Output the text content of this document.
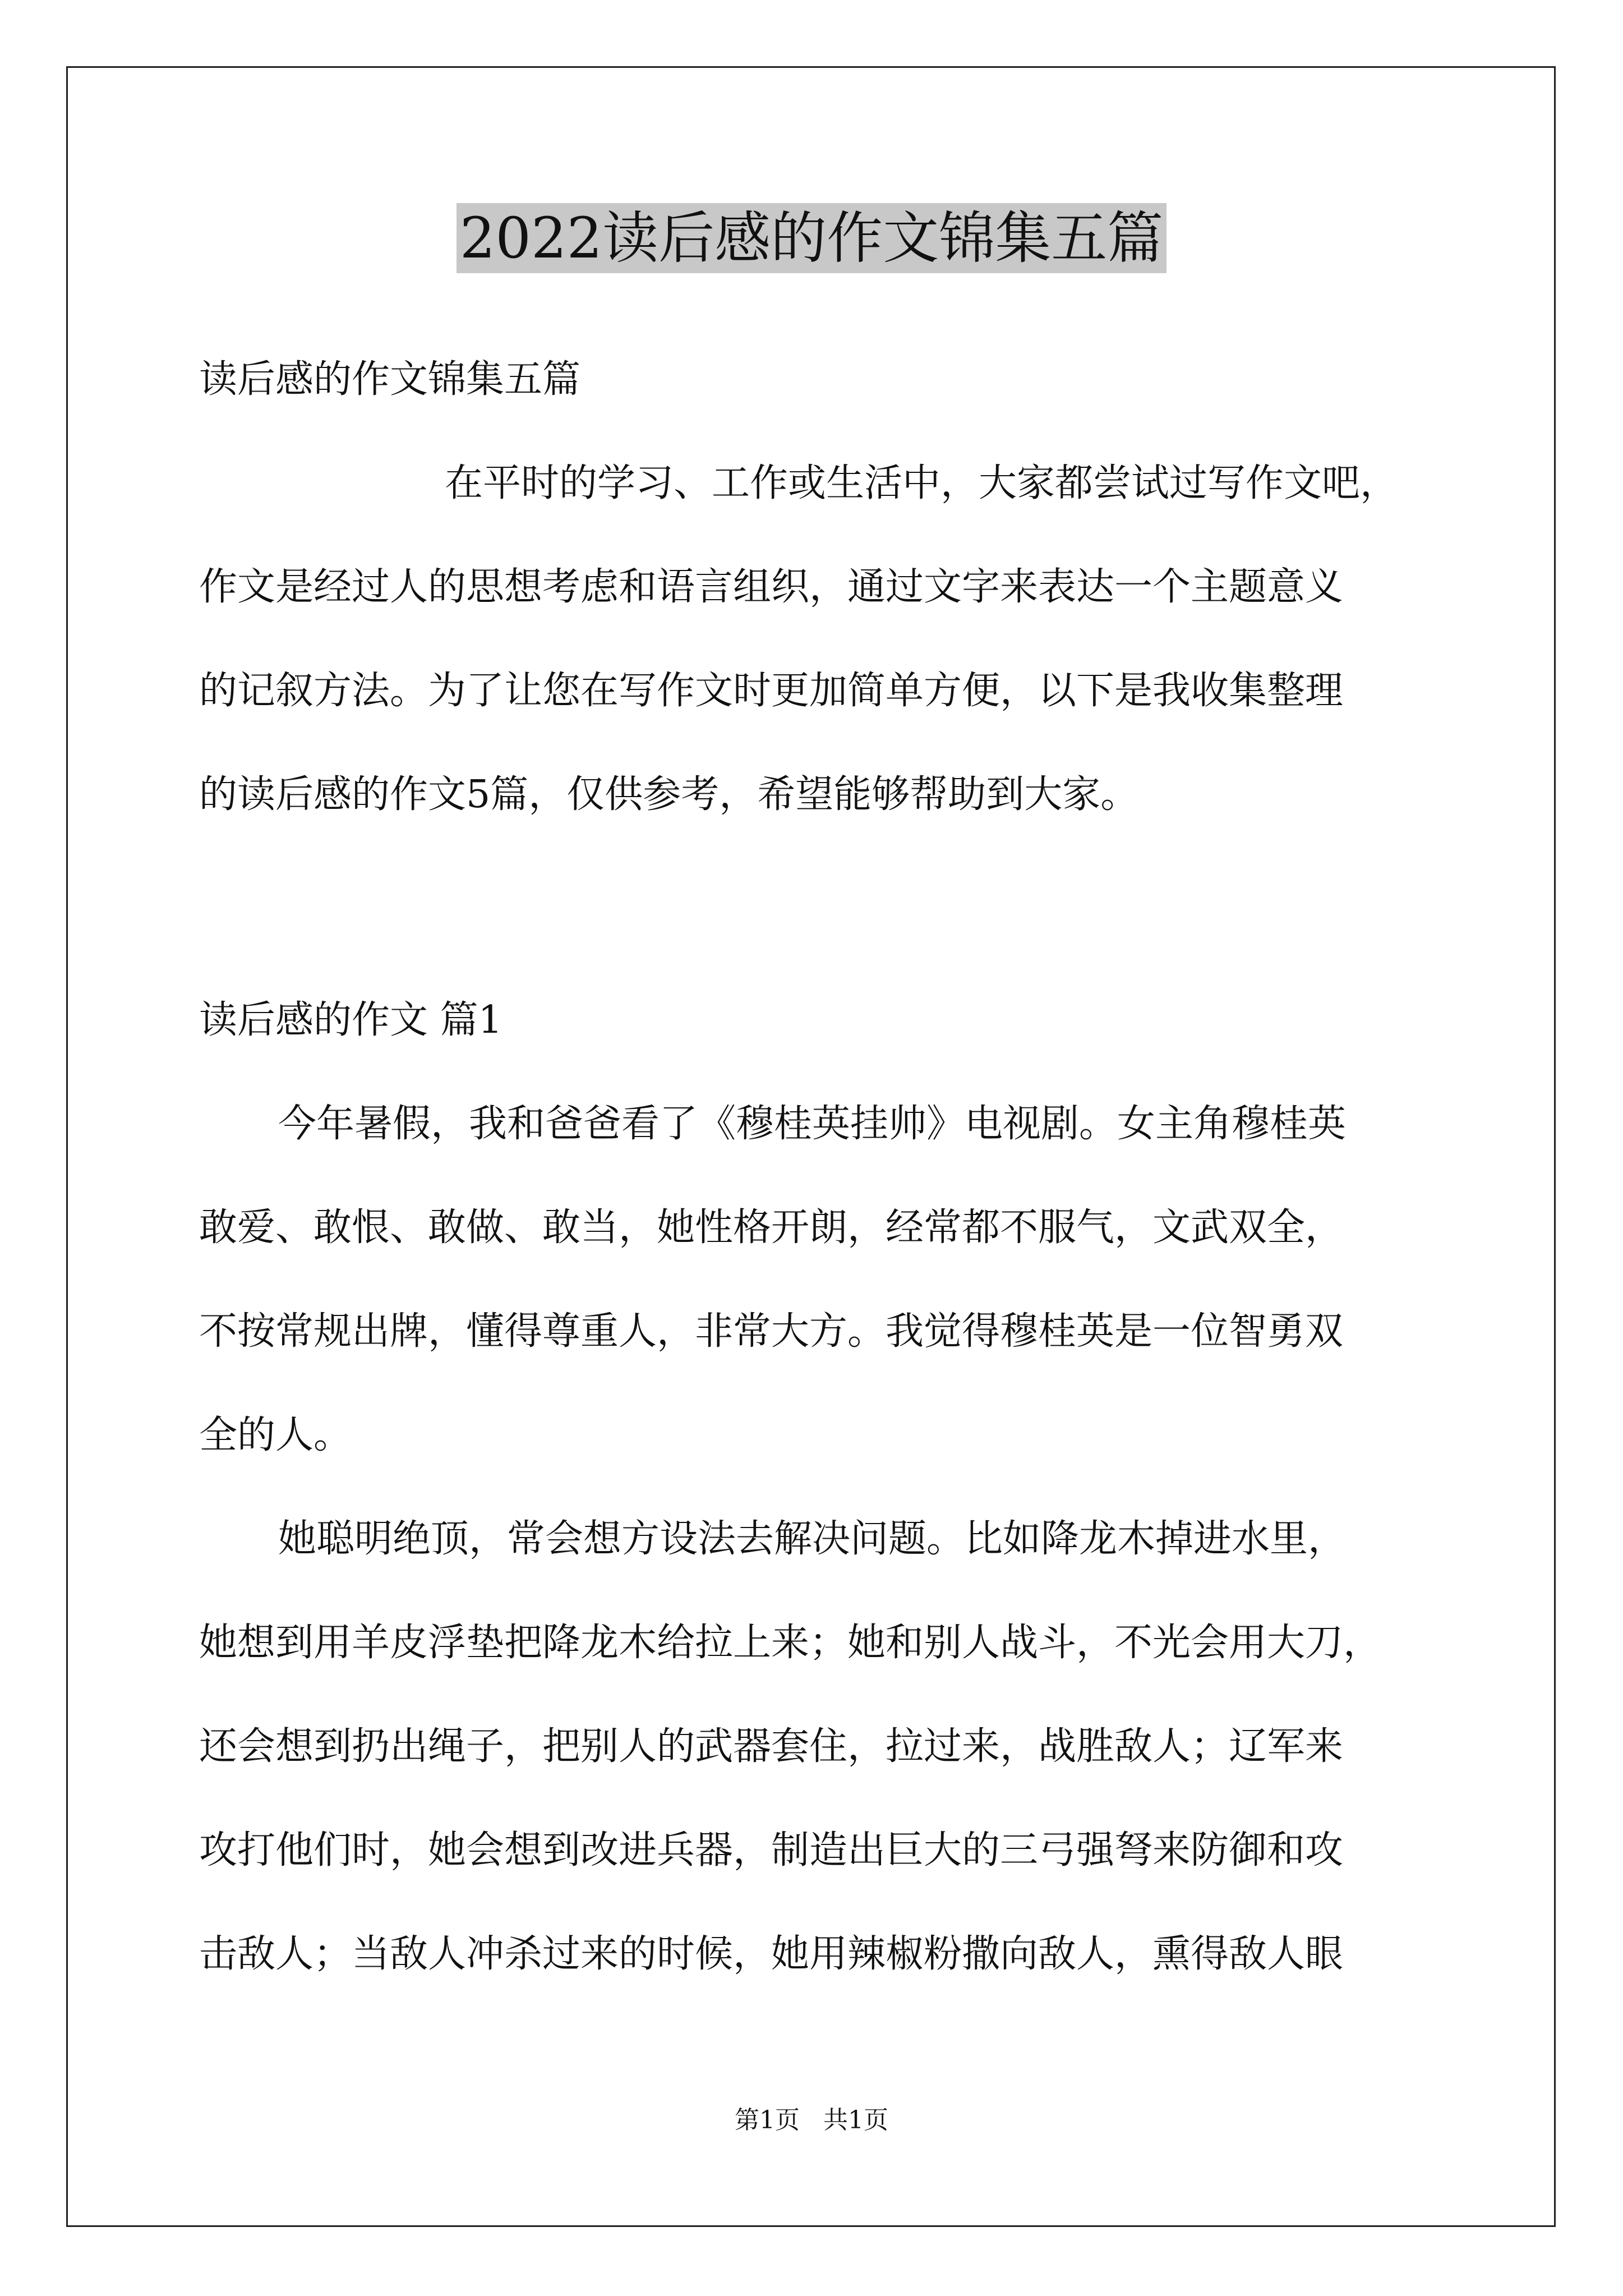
2022读后感的作文锦集五篇

读后感的作文锦集五篇

在平时的学习、工作或生活中，大家都尝试过写作文吧，

作文是经过人的思想考虑和语言组织，通过文字来表达一个主题意义

的记叙方法。为了让您在写作文时更加简单方便，以下是我收集整理

的读后感的作文5篇，仅供参考，希望能够帮助到大家。

读后感的作文 篇1

今年暑假，我和爸爸看了《穆桂英挂帅》电视剧。女主角穆桂英

敢爱、敢恨、敢做、敢当，她性格开朗，经常都不服气，文武双全，

不按常规出牌，懂得尊重人，非常大方。我觉得穆桂英是一位智勇双

全的人。

她聪明绝顶，常会想方设法去解决问题。比如降龙木掉进水里，

她想到用羊皮浮垫把降龙木给拉上来；她和别人战斗，不光会用大刀，

还会想到扔出绳子，把别人的武器套住，拉过来，战胜敌人；辽军来

攻打他们时，她会想到改进兵器，制造出巨大的三弓强弩来防御和攻

击敌人；当敌人冲杀过来的时候，她用辣椒粉撒向敌人，熏得敌人眼

第1页   共1页
